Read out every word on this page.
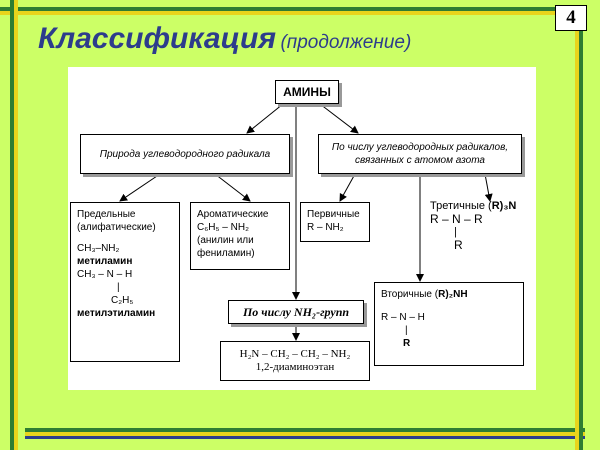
4
Классификация (продолжение)
АМИНЫ
Природа углеводородного радикала
По числу углеводородных радикалов,
связанных с атомом азота
Предельные
(алифатические)
CH₃–NH₂
метиламин
CH₃ – N – H
|
C₂H₅
метилэтиламин
Ароматические
C₆H₅ – NH₂
(анилин или
фениламин)
Первичные
R – NH₂
Третичные (R)₃N
R – N – R
|
R
Вторичные (R)₂NH
R – N – H
|
R
По числу NH₂-групп
H₂N – CH₂ – CH₂ – NH₂
1,2-диаминоэтан
